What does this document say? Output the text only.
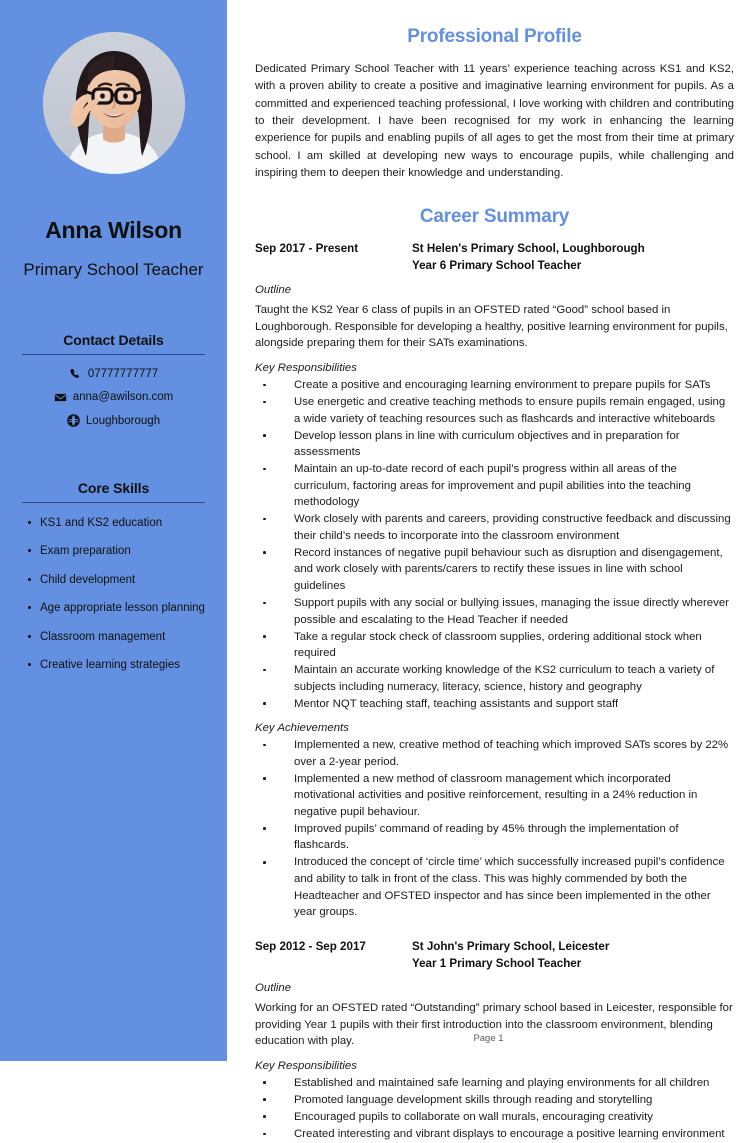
Anna Wilson
Primary School Teacher
Contact Details
07777777777
anna@awilson.com
Loughborough
Core Skills
KS1 and KS2 education
Exam preparation
Child development
Age appropriate lesson planning
Classroom management
Creative learning strategies
Professional Profile

Dedicated Primary School Teacher with 11 years’ experience teaching across KS1 and KS2, with a proven ability to create a positive and imaginative learning environment for pupils. As a committed and experienced teaching professional, I love working with children and contributing to their development. I have been recognised for my work in enhancing the learning experience for pupils and enabling pupils of all ages to get the most from their time at primary school. I am skilled at developing new ways to encourage pupils, while challenging and inspiring them to deepen their knowledge and understanding.

Career Summary
Sep 2017 - Present	St Helen's Primary School, Loughborough
Year 6 Primary School Teacher
Outline

Taught the KS2 Year 6 class of pupils in an OFSTED rated “Good” school based in Loughborough. Responsible for developing a healthy, positive learning environment for pupils, alongside preparing them for their SATs examinations.

Key Responsibilities
Create a positive and encouraging learning environment to prepare pupils for SATs
Use energetic and creative teaching methods to ensure pupils remain engaged, using a wide variety of teaching resources such as flashcards and interactive whiteboards
Develop lesson plans in line with curriculum objectives and in preparation for assessments
Maintain an up-to-date record of each pupil’s progress within all areas of the curriculum, factoring areas for improvement and pupil abilities into the teaching methodology
Work closely with parents and careers, providing constructive feedback and discussing their child’s needs to incorporate into the classroom environment
Record instances of negative pupil behaviour such as disruption and disengagement, and work closely with parents/carers to rectify these issues in line with school guidelines
Support pupils with any social or bullying issues, managing the issue directly wherever possible and escalating to the Head Teacher if needed
Take a regular stock check of classroom supplies, ordering additional stock when required
Maintain an accurate working knowledge of the KS2 curriculum to teach a variety of subjects including numeracy, literacy, science, history and geography
Mentor NQT teaching staff, teaching assistants and support staff
Key Achievements
Implemented a new, creative method of teaching which improved SATs scores by 22% over a 2-year period.
Implemented a new method of classroom management which incorporated motivational activities and positive reinforcement, resulting in a 24% reduction in negative pupil behaviour.
Improved pupils’ command of reading by 45% through the implementation of flashcards.
Introduced the concept of ‘circle time’ which successfully increased pupil’s confidence and ability to talk in front of the class. This was highly commended by both the Headteacher and OFSTED inspector and has since been implemented in the other year groups.
Sep 2012 - Sep 2017	St John's Primary School, Leicester
Year 1 Primary School Teacher
Outline

Working for an OFSTED rated “Outstanding” primary school based in Leicester, responsible for providing Year 1 pupils with their first introduction into the classroom environment, blending education with play.

Key Responsibilities
Established and maintained safe learning and playing environments for all children
Promoted language development skills through reading and storytelling
Encouraged pupils to collaborate on wall murals, encouraging creativity
Created interesting and vibrant displays to encourage a positive learning environment
Page 1
